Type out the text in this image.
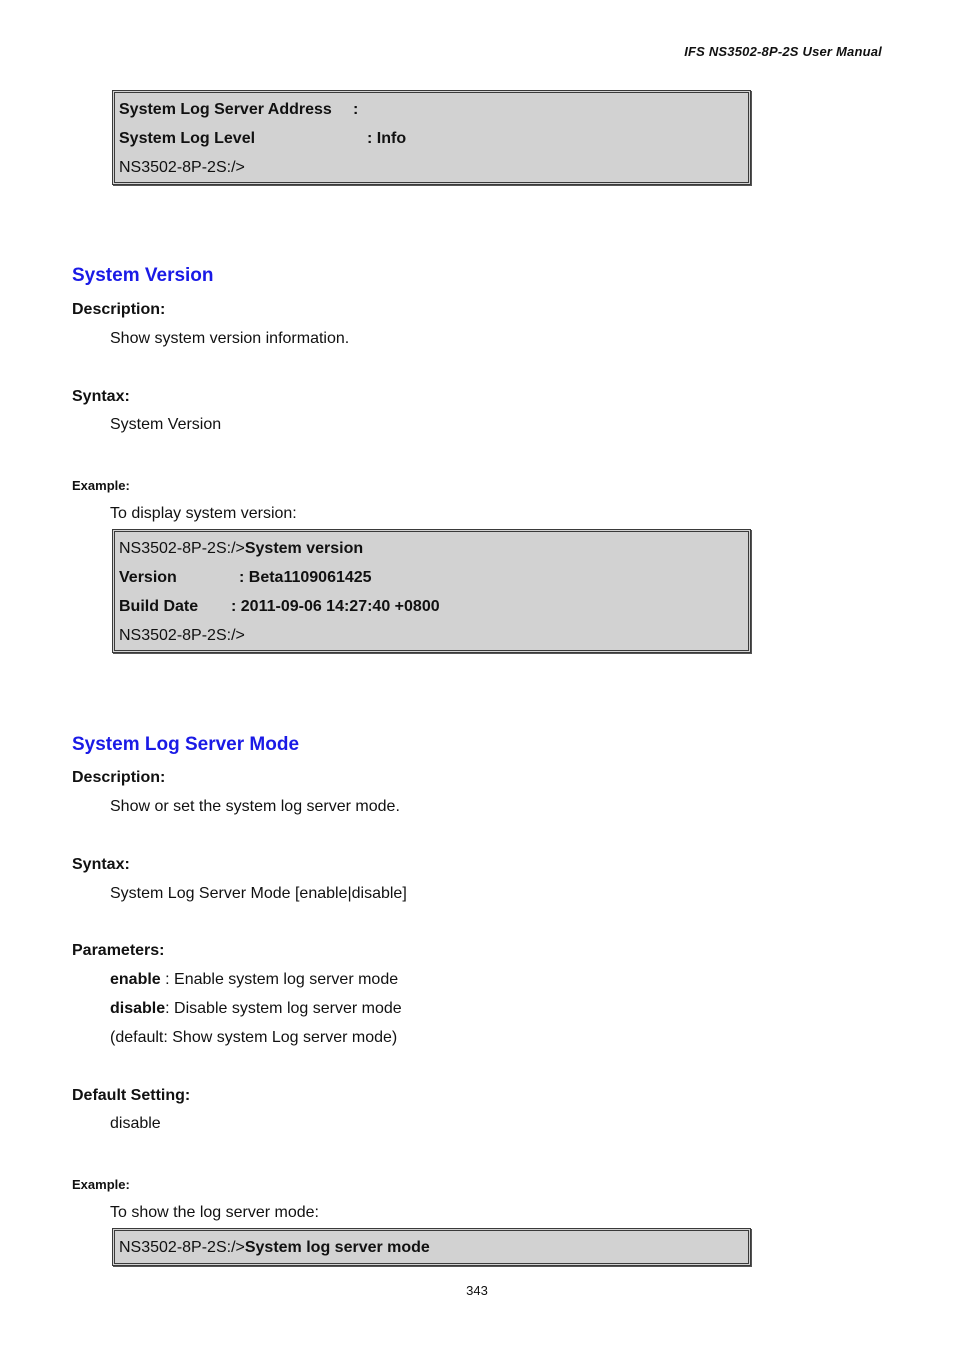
IFS NS3502-8P-2S User Manual
System Log Server Address :
System Log Level	: Info
NS3502-8P-2S:/>
System Version
Description:
Show system version information.
Syntax:
System Version
Example:
To display system version:
NS3502-8P-2S:/>System version
Version	: Beta1109061425
Build Date : 2011-09-06 14:27:40 +0800
NS3502-8P-2S:/>
System Log Server Mode
Description:
Show or set the system log server mode.
Syntax:
System Log Server Mode [enable|disable]
Parameters:
enable : Enable system log server mode
disable: Disable system log server mode
(default: Show system Log server mode)
Default Setting:
disable
Example:
To show the log server mode:
NS3502-8P-2S:/>System log server mode
343
